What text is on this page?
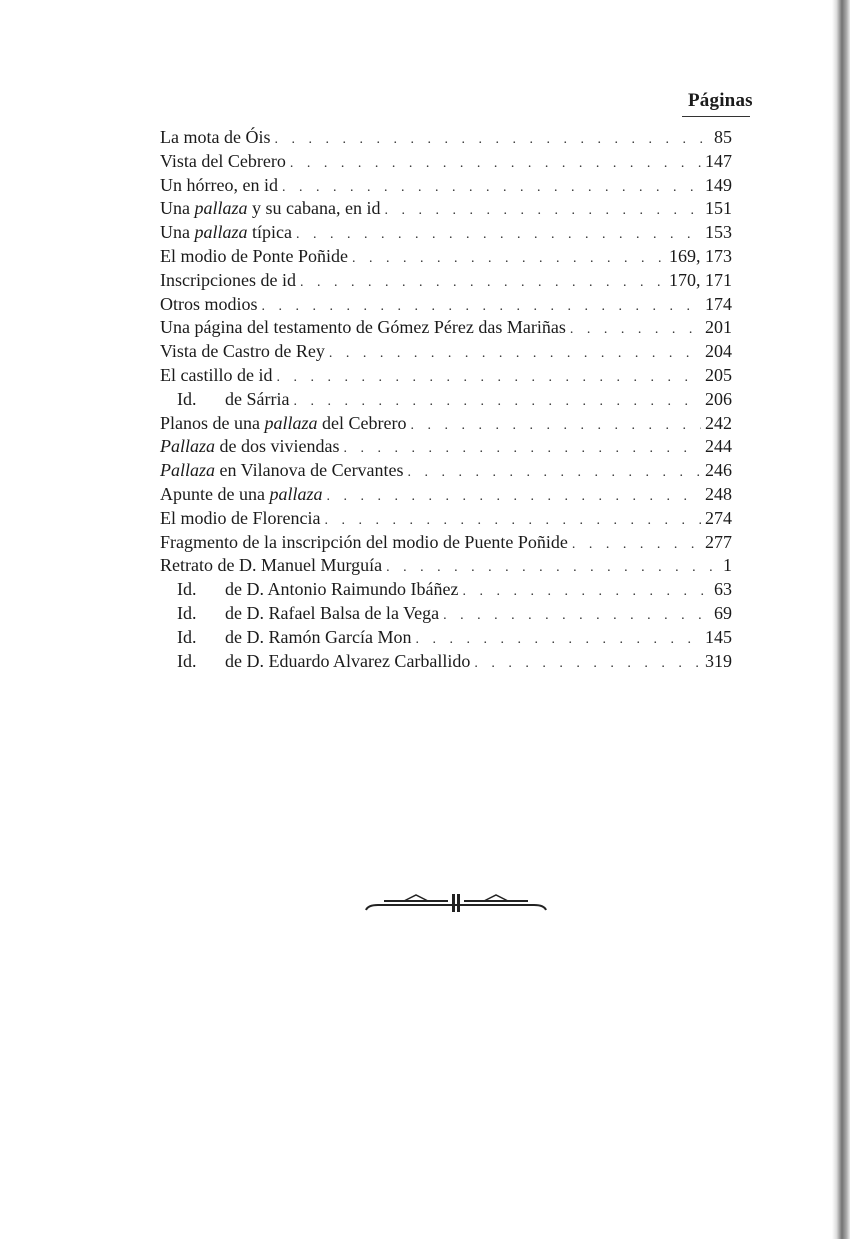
Páginas
La mota de Óis . . .	85
Vista del Cebrero . . .	147
Un hórreo, en id . . .	149
Una pallaza y su cabana, en id . . .	151
Una pallaza típica . . .	153
El modio de Ponte Poñide . . .	169, 173
Inscripciones de id . . .	170, 171
Otros modios . . .	174
Una página del testamento de Gómez Pérez das Mariñas . . .	201
Vista de Castro de Rey . . .	204
El castillo de id . . .	205
Id. de Sárria . . .	206
Planos de una pallaza del Cebrero . . .	242
Pallaza de dos viviendas . . .	244
Pallaza en Vilanova de Cervantes . . .	246
Apunte de una pallaza . . .	248
El modio de Florencia . . .	274
Fragmento de la inscripción del modio de Puente Poñide . . .	277
Retrato de D. Manuel Murguía . . .	1
Id. de D. Antonio Raimundo Ibáñez . . .	63
Id. de D. Rafael Balsa de la Vega . . .	69
Id. de D. Ramón García Mon . . .	145
Id. de D. Eduardo Alvarez Carballido . . .	319
